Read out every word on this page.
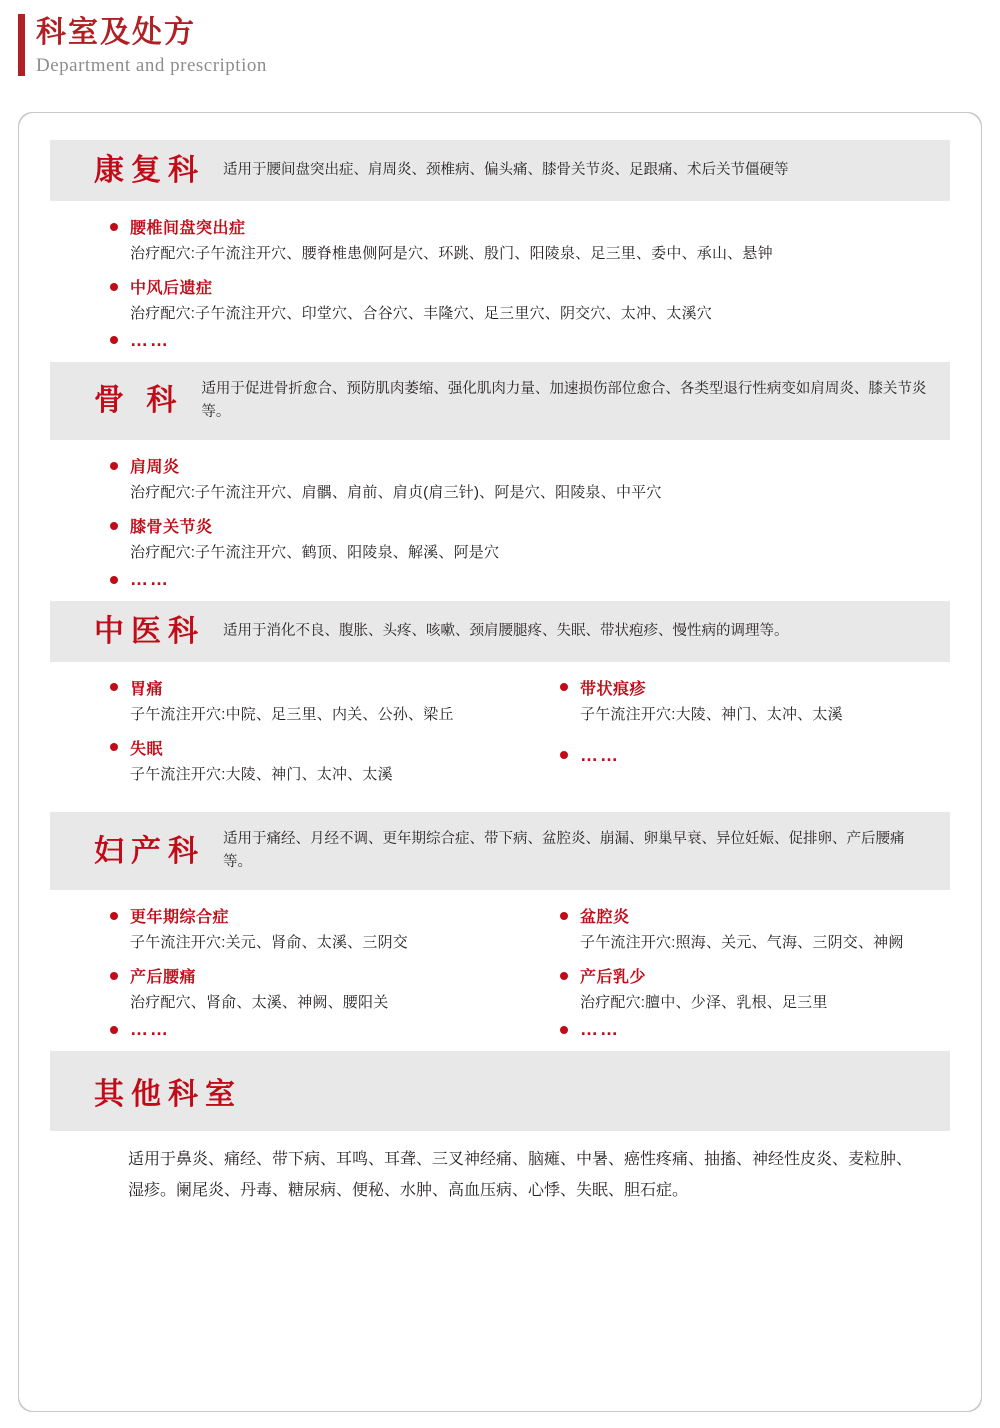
科室及处方
Department and prescription
康复科 适用于腰间盘突出症、肩周炎、颈椎病、偏头痛、膝骨关节炎、足跟痛、术后关节僵硬等
腰椎间盘突出症
治疗配穴:子午流注开穴、腰脊椎患侧阿是穴、环跳、殷门、阳陵泉、足三里、委中、承山、悬钟
中风后遗症
治疗配穴:子午流注开穴、印堂穴、合谷穴、丰隆穴、足三里穴、阴交穴、太冲、太溪穴
……
骨 科 适用于促进骨折愈合、预防肌肉萎缩、强化肌肉力量、加速损伤部位愈合、各类型退行性病变如肩周炎、膝关节炎等。
肩周炎
治疗配穴:子午流注开穴、肩髃、肩前、肩贞(肩三针)、阿是穴、阳陵泉、中平穴
膝骨关节炎
治疗配穴:子午流注开穴、鹤顶、阳陵泉、解溪、阿是穴
……
中医科 适用于消化不良、腹胀、头疼、咳嗽、颈肩腰腿疼、失眠、带状疱疹、慢性病的调理等。
胃痛
子午流注开穴:中院、足三里、内关、公孙、梁丘
失眠
子午流注开穴:大陵、神门、太冲、太溪
带状痕疹
子午流注开穴:大陵、神门、太冲、太溪
……
妇产科 适用于痛经、月经不调、更年期综合症、带下病、盆腔炎、崩漏、卵巢早衰、异位妊娠、促排卵、产后腰痛等。
更年期综合症
子午流注开穴:关元、肾俞、太溪、三阴交
产后腰痛
治疗配穴、肾俞、太溪、神阙、腰阳关
……
盆腔炎
子午流注开穴:照海、关元、气海、三阴交、神阙
产后乳少
治疗配穴:膻中、少泽、乳根、足三里
……
其他科室
适用于鼻炎、痛经、带下病、耳鸣、耳聋、三叉神经痛、脑瘫、中暑、癌性疼痛、抽搐、神经性皮炎、麦粒肿、湿疹。阑尾炎、丹毒、糖尿病、便秘、水肿、高血压病、心悸、失眠、胆石症。
